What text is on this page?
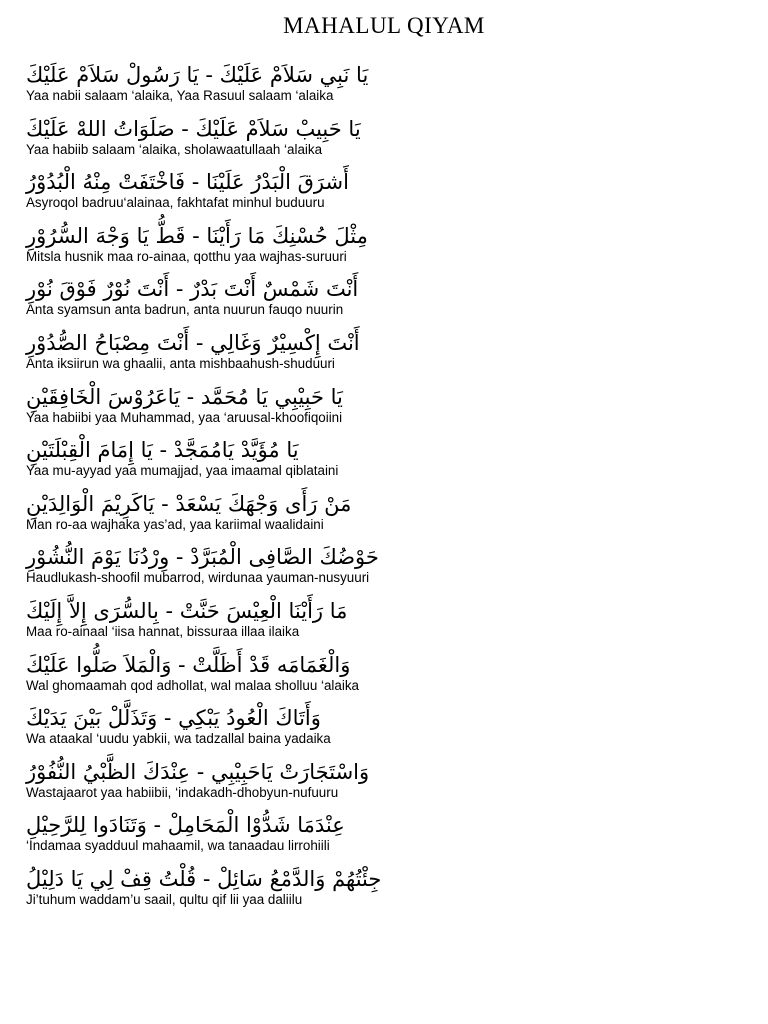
MAHALUL QIYAM
يَا نَبِي سَلاَمْ عَلَيْكَ - يَا رَسُولْ سَلاَمْ عَلَيْكَ
Yaa nabii salaam ‘alaika, Yaa Rasuul salaam ‘alaika
يَا حَبِيبْ سَلاَمْ عَلَيْكَ - صَلَوَاتُ اللهْ عَلَيْكَ
Yaa habiib salaam ‘alaika, sholawaatullaah ‘alaika
أَشرَقَ الْبَدْرُ عَلَيْنَا - فَاخْتَفَتْ مِنْهُ الْبُدُوْرُ
Asyroqol badruu‘alainaa, fakhtafat minhul buduuru
مِثْلَ حُسْنِكَ مَا رَأَيْنَا - قَطُّ يَا وَجْهَ السُّرُوْرِ
Mitsla husnik maa ro-ainaa, qotthu yaa wajhas-suruuri
أَنْتَ شَمْسٌ أَنْتَ بَدْرٌ - أَنْتَ نُوْرٌ فَوْقَ نُوْرِ
Anta syamsun anta badrun, anta nuurun fauqo nuurin
أَنْتَ إِكْسِيْرٌ وَغَالِي - أَنْتَ مِصْبَاحُ الصُّدُوْرِ
Anta iksiirun wa ghaalii, anta mishbaahush-shuduuri
يَا حَبِيْبِي يَا مُحَمَّد - يَاعَرُوْسَ الْخَافِقَيْنِ
Yaa habiibi yaa Muhammad, yaa ‘aruusal-khoofiqoiini
يَا مُؤَيَّدْ يَامُمَجَّدْ - يَا إِمَامَ الْقِبْلَتَيْنِ
Yaa mu-ayyad yaa mumajjad, yaa imaamal qiblataini
مَنْ رَأَى وَجْهَكَ يَسْعَدْ - يَاكَرِيْمَ الْوَالِدَيْنِ
Man ro-aa wajhaka yas’ad, yaa kariimal waalidaini
حَوْضُكَ الصَّافِى الْمُبَرَّدْ - وِرْدُنَا يَوْمَ النُّشُوْرِ
Haudlukash-shoofil mubarrod, wirdunaa yauman-nusyuuri
مَا رَأَيْنَا الْعِيْسَ حَنَّتْ - بِالسُّرَى إِلاَّ إِلَيْكَ
Maa ro-ainaal ‘iisa hannat, bissuraa illaa ilaika
وَالْغَمَامَه قَدْ أَظَلَّتْ - وَالْمَلاَ صَلُّوا عَلَيْكَ
Wal ghomaamah qod adhollat, wal malaa sholluu ‘alaika
وَأَتَاكَ الْعُودُ يَبْكِي - وَتَذَلَّلْ بَيْنَ يَدَيْكَ
Wa ataakal ‘uudu yabkii, wa tadzallal baina yadaika
وَاسْتَجَارَتْ يَاحَبِيْبِي - عِنْدَكَ الظَّبْيُ النُّفُوْرُ
Wastajaarot yaa habiibii, ‘indakadh-dhobyun-nufuuru
عِنْدَمَا شَدُّوْا الْمَحَامِلْ - وَتَنَادَوا لِلرَّحِيْلِ
‘Indamaa syadduul mahaamil, wa tanaadau lirrohiili
جِئْتُهُمْ وَالدَّمْعُ سَائِلْ - قُلْتُ قِفْ لِي يَا دَلِيْلُ
Ji’tuhum waddam’u saail, qultu qif lii yaa daliilu
